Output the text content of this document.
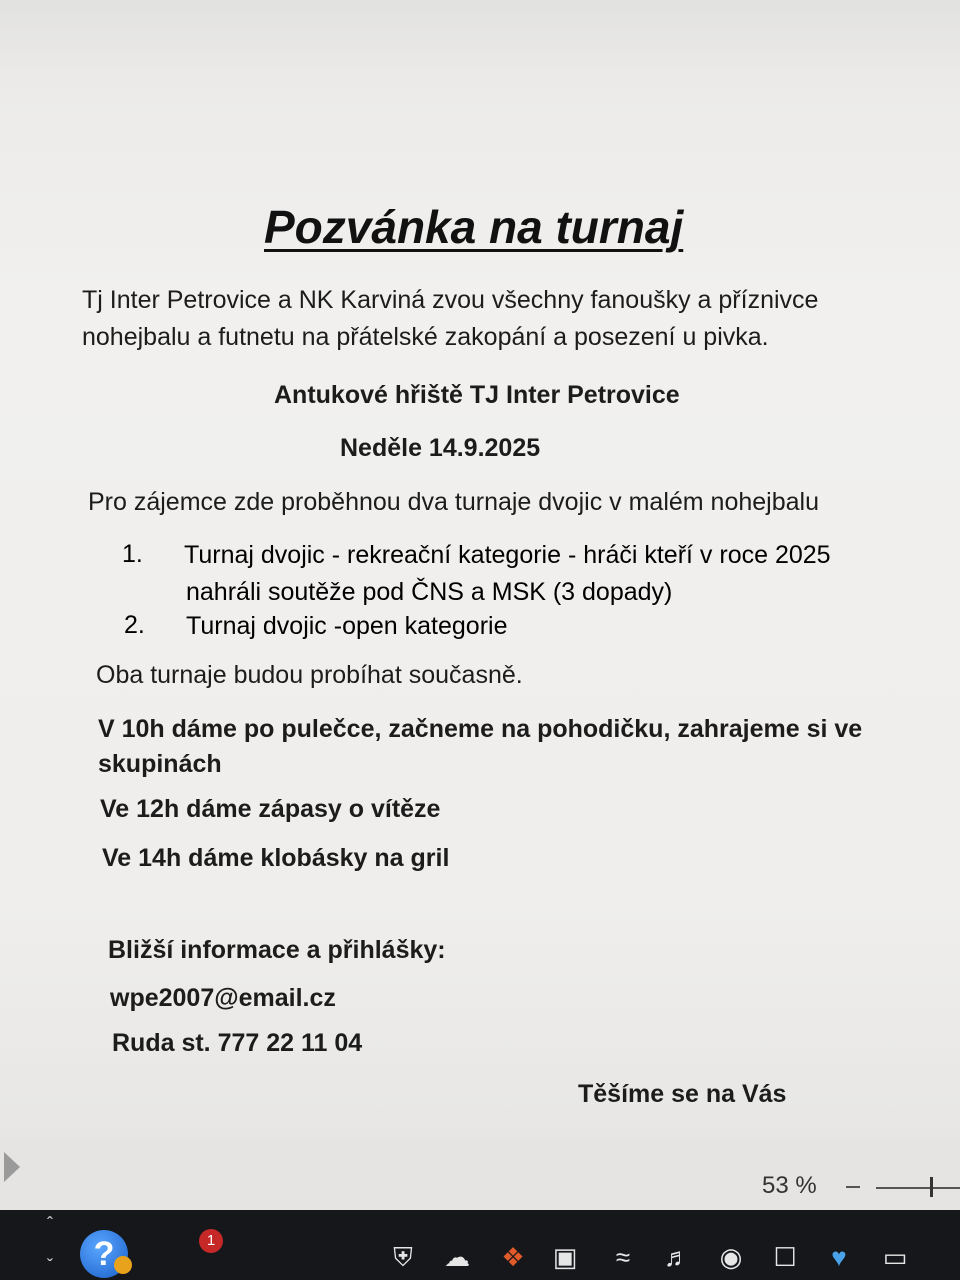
Pozvánka na turnaj
Tj Inter Petrovice a NK Karviná zvou všechny fanoušky a příznivce nohejbalu a futnetu na přátelské zakopání a posezení u pivka.
Antukové hřiště TJ Inter Petrovice
Neděle 14.9.2025
Pro zájemce zde proběhnou dva turnaje dvojic v malém nohejbalu
1. Turnaj dvojic - rekreační kategorie - hráči kteří v roce 2025
nahráli soutěže pod ČNS a MSK (3 dopady)
2. Turnaj dvojic -open kategorie
Oba turnaje budou probíhat současně.
V 10h dáme po pulečce, začneme na pohodičku, zahrajeme si ve skupinách
Ve 12h dáme zápasy o vítěze
Ve 14h dáme klobásky na gril
Bližší informace a přihlášky:
wpe2007@email.cz
Ruda st. 777 22 11 04
Těšíme se na Vás
53 %
ˆ
ˇ	?	1
⛨ ☁ ❖ ▣	≈	♬ ◉ ☐	♥	▭
